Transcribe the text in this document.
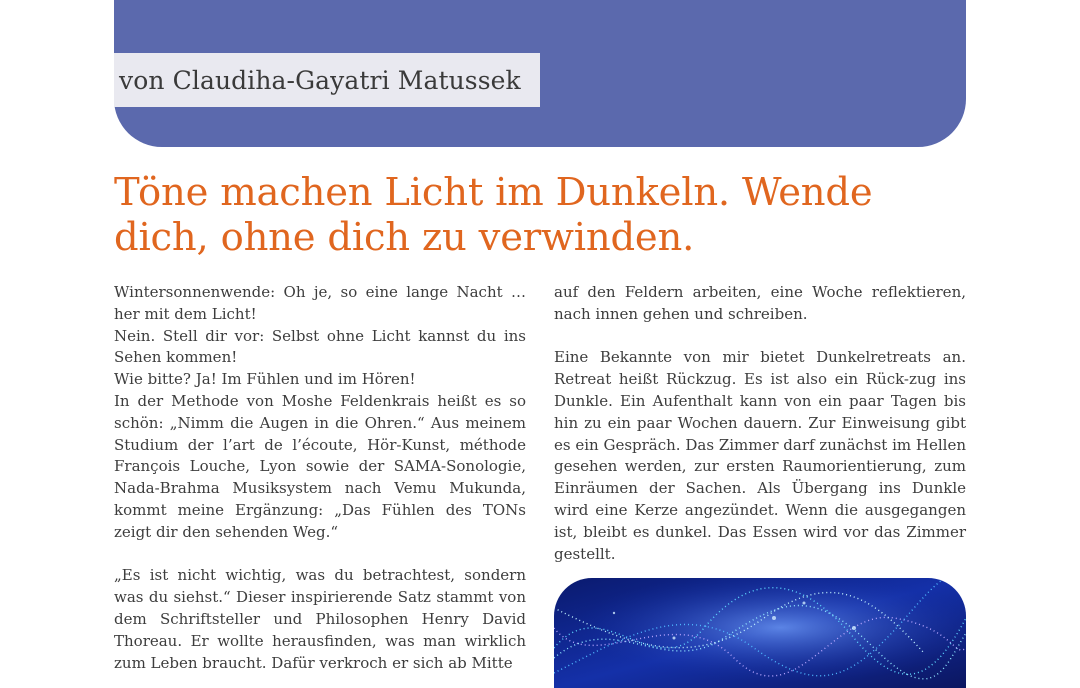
von Claudiha-Gayatri Matussek
Töne machen Licht im Dunkeln. Wende dich, ohne dich zu verwinden.

Wintersonnenwende: Oh je, so eine lange Nacht … her mit dem Licht!

Nein. Stell dir vor: Selbst ohne Licht kannst du ins Sehen kommen!

Wie bitte? Ja! Im Fühlen und im Hören!

In der Methode von Moshe Feldenkrais heißt es so schön: „Nimm die Augen in die Ohren.“ Aus meinem Studium der l’art de l’écoute, Hör-Kunst, méthode François Louche, Lyon sowie der SAMA-Sonologie, Nada-Brahma Musiksystem nach Vemu Mukunda, kommt meine Ergänzung: „Das Fühlen des TONs zeigt dir den sehenden Weg.“

„Es ist nicht wichtig, was du betrachtest, sondern was du siehst.“ Dieser inspirierende Satz stammt von dem Schriftsteller und Philosophen Henry David Thoreau. Er wollte herausfinden, was man wirklich zum Leben braucht. Dafür verkroch er sich ab Mitte

auf den Feldern arbeiten, eine Woche reflektieren, nach innen gehen und schreiben.

Eine Bekannte von mir bietet Dunkelretreats an. Retreat heißt Rückzug. Es ist also ein Rück-zug ins Dunkle. Ein Aufenthalt kann von ein paar Tagen bis hin zu ein paar Wochen dauern. Zur Einweisung gibt es ein Gespräch. Das Zimmer darf zunächst im Hellen gesehen werden, zur ersten Raumorientierung, zum Einräumen der Sachen. Als Übergang ins Dunkle wird eine Kerze angezündet. Wenn die ausgegangen ist, bleibt es dunkel. Das Essen wird vor das Zimmer gestellt.
